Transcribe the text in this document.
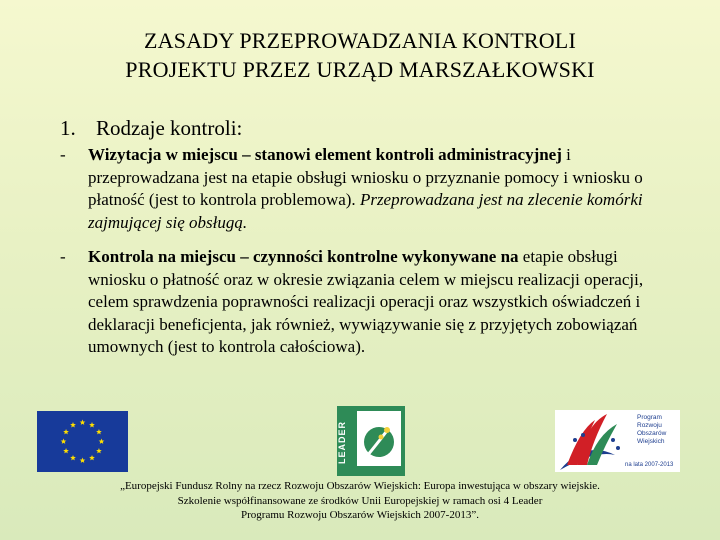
ZASADY PRZEPROWADZANIA KONTROLI
PROJEKTU PRZEZ URZĄD MARSZAŁKOWSKI
1. Rodzaje kontroli:
-	Wizytacja w miejscu – stanowi element kontroli administracyjnej i przeprowadzana jest na etapie obsługi wniosku o przyznanie pomocy i wniosku o płatność (jest to kontrola problemowa). Przeprowadzana jest na zlecenie komórki zajmującej się obsługą.
-	Kontrola na miejscu – czynności kontrolne wykonywane na etapie obsługi wniosku o płatność oraz w okresie związania celem w miejscu realizacji operacji, celem sprawdzenia poprawności realizacji operacji oraz wszystkich oświadczeń i deklaracji beneficjenta, jak również, wywiązywanie się z przyjętych zobowiązań umownych (jest to kontrola całościowa).
LEADER
Program
Rozwoju
Obszarów
Wiejskich
na lata 2007-2013
„Europejski Fundusz Rolny na rzecz Rozwoju Obszarów Wiejskich: Europa inwestująca w obszary wiejskie.
Szkolenie współfinansowane ze środków Unii Europejskiej w ramach osi 4 Leader
Programu Rozwoju Obszarów Wiejskich 2007-2013”.
